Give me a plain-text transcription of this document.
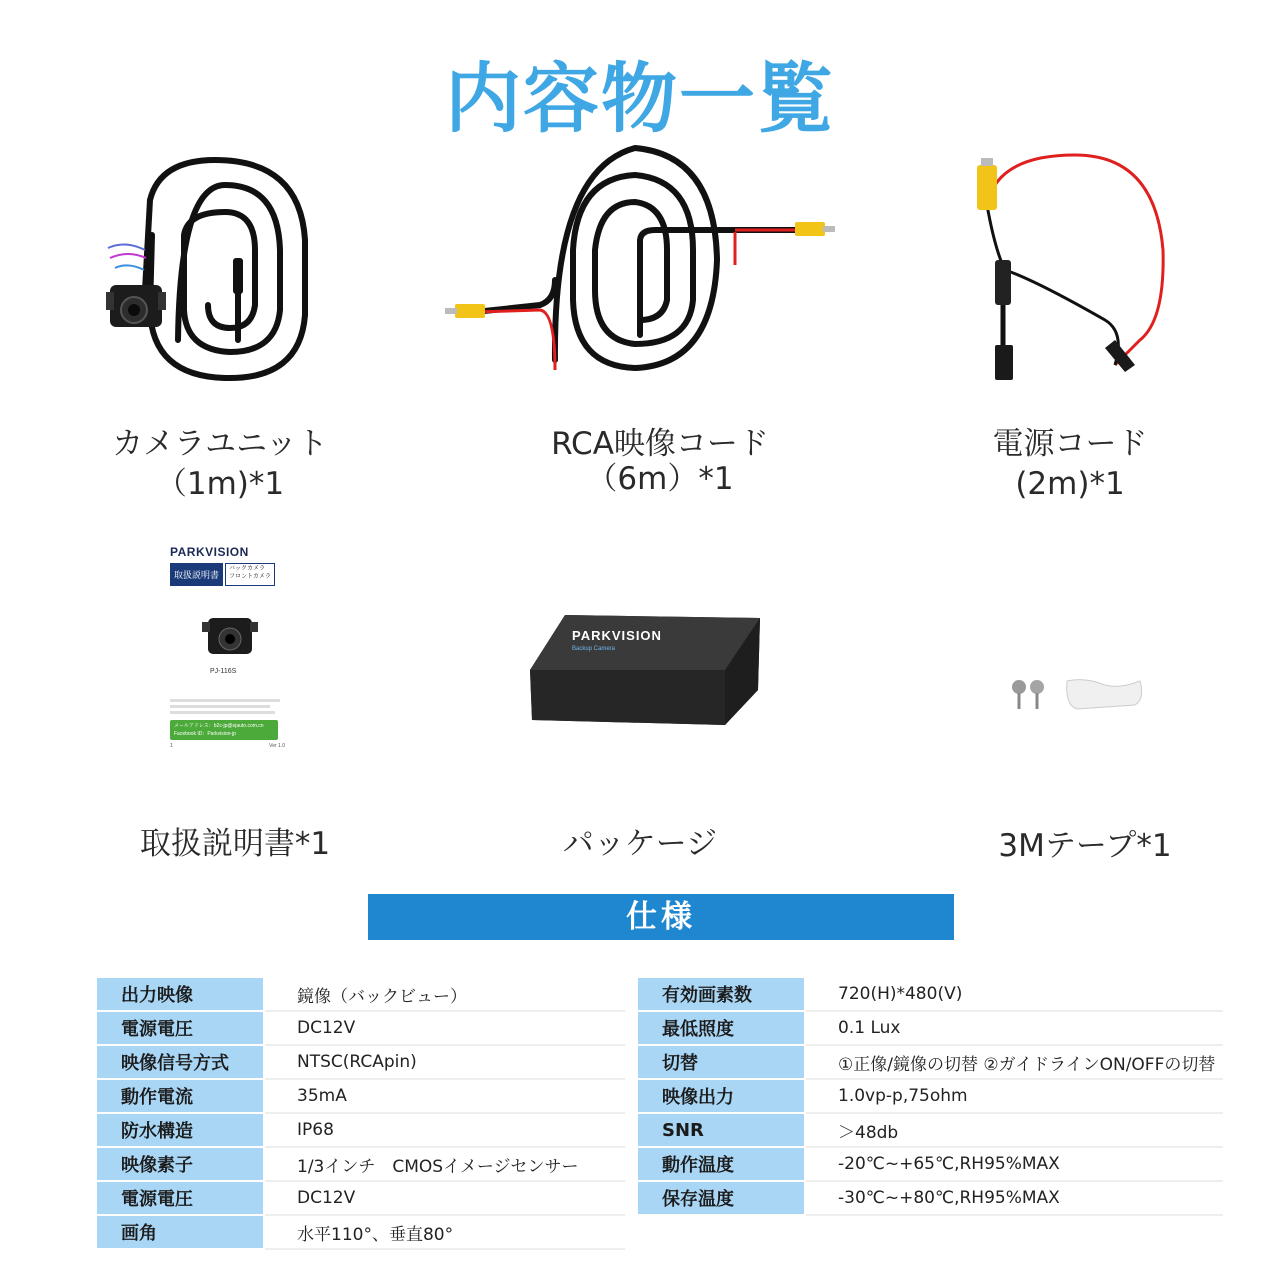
内容物一覧
カメラユニット
（1m)*1
RCA映像コード
（6m）*1
電源コード
(2m)*1
PARKVISION
取扱説明書
バックカメラ
フロントカメラ
PJ-116S
メールアドレス：b2c-jp@ejauto.com.cn
Facebook ID：Parkvision-jp
1	Ver 1.0
PARKVISION
Backup Camera
取扱説明書*1	パッケージ	3Mテープ*1
仕様
出力映像	鏡像（バックビュー）
電源電圧	DC12V
映像信号方式	NTSC(RCApin)
動作電流	35mA
防水構造	IP68
映像素子	1/3インチ　CMOSイメージセンサー
電源電圧	DC12V
画角	水平110°、垂直80°
有効画素数	720(H)*480(V)
最低照度	0.1 Lux
切替	①正像/鏡像の切替 ②ガイドラインON/OFFの切替
映像出力	1.0vp-p,75ohm
SNR	＞48db
動作温度	-20℃~+65℃,RH95%MAX
保存温度	-30℃~+80℃,RH95%MAX
